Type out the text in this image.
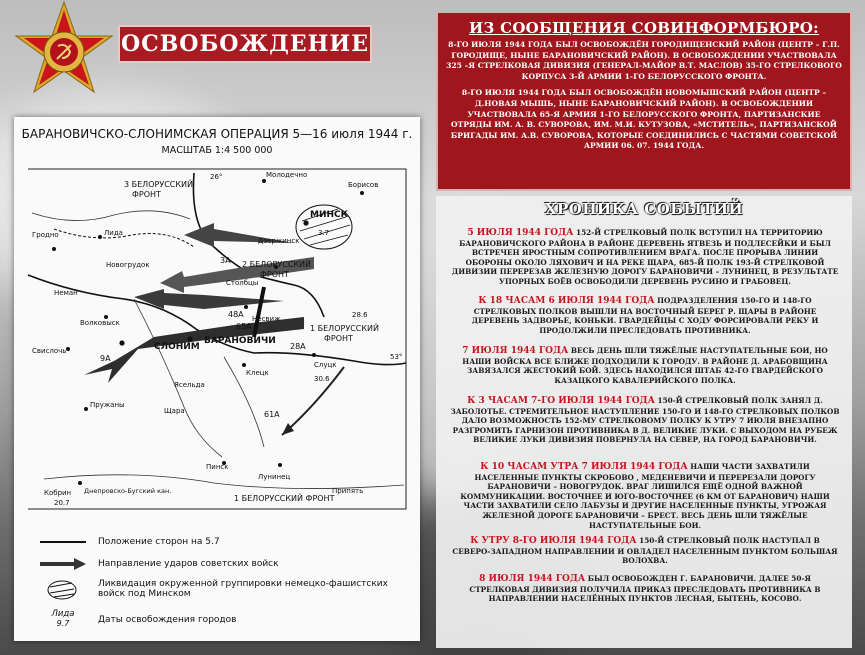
ОСВОБОЖДЕНИЕ
БАРАНОВИЧСКО-СЛОНИМСКАЯ ОПЕРАЦИЯ 5—16 июля 1944 г.
МАСШТАБ 1:4 500 000
3 БЕЛОРУССКИЙ
ФРОНТ
2 БЕЛОРУССКИЙ
ФРОНТ
1 БЕЛОРУССКИЙ
ФРОНТ
1 БЕЛОРУССКИЙ ФРОНТ
МИНСК
СЛОНИМ
БАРАНОВИЧИ
Гродно
Новогрудок
Лида
Пинск
Кобрин
Пружаны
Свислочь
Волковыск
Лунинец
Клецк
Слуцк
Днепровско-Бугский кан.	Припять
Неман
Щара
Борисов
Молодечно
Дзержинск
Столбцы
Несвиж
Ясельда
3А
48А
65А
28А
61А
9А
28.6
30.6
20.7
3.7
26°
53°
Положение сторон на 5.7
Направление ударов советских войск
Ликвидация окруженной группировки немецко-фашистских
войск под Минском
Лида
9.7	Даты освобождения городов
ИЗ СООБЩЕНИЯ СОВИНФОРМБЮРО:
8-ГО ИЮЛЯ 1944 ГОДА БЫЛ ОСВОБОЖДЁН ГОРОДИЩЕНСКИЙ РАЙОН (ЦЕНТР – Г.П. ГОРОДИЩЕ, НЫНЕ БАРАНОВИЧСКИЙ РАЙОН). В ОСВОБОЖДЕНИИ УЧАСТВОВАЛА 325 –Я СТРЕЛКОВАЯ ДИВИЗИЯ (ГЕНЕРАЛ-МАЙОР В.Т. МАСЛОВ) 35-ГО СТРЕЛКОВОГО КОРПУСА 3-Й АРМИИ 1-ГО БЕЛОРУССКОГО ФРОНТА.
8-ГО ИЮЛЯ 1944 ГОДА БЫЛ ОСВОБОЖДЁН НОВОМЫШСКИЙ РАЙОН (ЦЕНТР – Д.НОВАЯ МЫШЬ, НЫНЕ БАРАНОВИЧСКИЙ РАЙОН). В ОСВОБОЖДЕНИИ УЧАСТВОВАЛА 65-Я АРМИЯ 1-ГО БЕЛОРУССКОГО ФРОНТА, ПАРТИЗАНСКИЕ ОТРЯДЫ ИМ. А. В. СУВОРОВА, ИМ. М.И. КУТУЗОВА, «МСТИТЕЛЬ», ПАРТИЗАНСКОЙ БРИГАДЫ ИМ. А.В. СУВОРОВА, КОТОРЫЕ СОЕДИНИЛИСЬ С ЧАСТЯМИ СОВЕТСКОЙ АРМИИ 06. 07. 1944 ГОДА.
ХРОНИКА СОБЫТИЙ
5 ИЮЛЯ 1944 ГОДА 152-Й СТРЕЛКОВЫЙ ПОЛК ВСТУПИЛ НА ТЕРРИТОРИЮ БАРАНОВИЧСКОГО РАЙОНА В РАЙОНЕ ДЕРЕВЕНЬ ЯТВЕЗЬ И ПОДЛЕСЕЙКИ И БЫЛ ВСТРЕЧЕН ЯРОСТНЫМ СОПРОТИВЛЕНИЕМ ВРАГА. ПОСЛЕ ПРОРЫВА ЛИНИИ ОБОРОНЫ ОКОЛО ЛЯХОВИЧ И НА РЕКЕ ЩАРА, 685-Й ПОЛК 193-Й СТРЕЛКОВОЙ ДИВИЗИИ ПЕРЕРЕЗАВ ЖЕЛЕЗНУЮ ДОРОГУ БАРАНОВИЧИ – ЛУНИНЕЦ, В РЕЗУЛЬТАТЕ УПОРНЫХ БОЁВ ОСВОБОДИЛИ ДЕРЕВЕНЬ РУСИНО И ГРАБОВЕЦ.
К 18 ЧАСАМ 6 ИЮЛЯ 1944 ГОДА ПОДРАЗДЕЛЕНИЯ 150-ГО И 148-ГО СТРЕЛКОВЫХ ПОЛКОВ ВЫШЛИ НА ВОСТОЧНЫЙ БЕРЕГ Р. ЩАРЫ В РАЙОНЕ ДЕРЕВЕНЬ ЗАДВОРЬЕ, КОНЬКИ. ГВАРДЕЙЦЫ С ХОДУ ФОРСИРОВАЛИ РЕКУ И ПРОДОЛЖИЛИ ПРЕСЛЕДОВАТЬ ПРОТИВНИКА.
7 ИЮЛЯ 1944 ГОДА ВЕСЬ ДЕНЬ ШЛИ ТЯЖЁЛЫЕ НАСТУПАТЕЛЬНЫЕ БОИ, НО НАШИ ВОЙСКА ВСЕ БЛИЖЕ ПОДХОДИЛИ К ГОРОДУ. В РАЙОНЕ Д. АРАБОВЩИНА ЗАВЯЗАЛСЯ ЖЕСТОКИЙ БОЙ. ЗДЕСЬ НАХОДИЛСЯ ШТАБ 42-ГО ГВАРДЕЙСКОГО КАЗАЦКОГО КАВАЛЕРИЙСКОГО ПОЛКА.
К 3 ЧАСАМ 7-ГО ИЮЛЯ 1944 ГОДА 150-Й СТРЕЛКОВЫЙ ПОЛК ЗАНЯЛ Д. ЗАБОЛОТЬЕ. СТРЕМИТЕЛЬНОЕ НАСТУПЛЕНИЕ 150-ГО И 148-ГО СТРЕЛКОВЫХ ПОЛКОВ ДАЛО ВОЗМОЖНОСТЬ 152-МУ СТРЕЛКОВОМУ ПОЛКУ К УТРУ 7 ИЮЛЯ ВНЕЗАПНО РАЗГРОМИТЬ ГАРНИЗОН ПРОТИВНИКА В Д. ВЕЛИКИЕ ЛУКИ. С ВЫХОДОМ НА РУБЕЖ ВЕЛИКИЕ ЛУКИ ДИВИЗИЯ ПОВЕРНУЛА НА СЕВЕР, НА ГОРОД БАРАНОВИЧИ.
К 10 ЧАСАМ УТРА 7 ИЮЛЯ 1944 ГОДА НАШИ ЧАСТИ ЗАХВАТИЛИ НАСЕЛЕННЫЕ ПУНКТЫ СКРОБОВО , МЕДЕНЕВИЧИ И ПЕРЕРЕЗАЛИ ДОРОГУ БАРАНОВИЧИ – НОВОГРУДОК. ВРАГ ЛИШИЛСЯ ЕЩЁ ОДНОЙ ВАЖНОЙ КОММУНИКАЦИИ. ВОСТОЧНЕЕ И ЮГО-ВОСТОЧНЕЕ (6 КМ ОТ БАРАНОВИЧ) НАШИ ЧАСТИ ЗАХВАТИЛИ СЕЛО ЛАБУЗЫ И ДРУГИЕ НАСЕЛЕННЫЕ ПУНКТЫ, УГРОЖАЯ ЖЕЛЕЗНОЙ ДОРОГЕ БАРАНОВИЧИ – БРЕСТ. ВЕСЬ ДЕНЬ ШЛИ ТЯЖЁЛЫЕ НАСТУПАТЕЛЬНЫЕ БОИ.
К УТРУ 8-ГО ИЮЛЯ 1944 ГОДА 150-Й СТРЕЛКОВЫЙ ПОЛК НАСТУПАЛ В СЕВЕРО-ЗАПАДНОМ НАПРАВЛЕНИИ И ОВЛАДЕЛ НАСЕЛЕННЫМ ПУНКТОМ БОЛЬШАЯ ВОЛОХВА.
8 ИЮЛЯ 1944 ГОДА БЫЛ ОСВОБОЖДЕН Г. БАРАНОВИЧИ. ДАЛЕЕ 50-Я СТРЕЛКОВАЯ ДИВИЗИЯ ПОЛУЧИЛА ПРИКАЗ ПРЕСЛЕДОВАТЬ ПРОТИВНИКА В НАПРАВЛЕНИИ НАСЕЛЁННЫХ ПУНКТОВ ЛЕСНАЯ, БЫТЕНЬ, КОСОВО.
